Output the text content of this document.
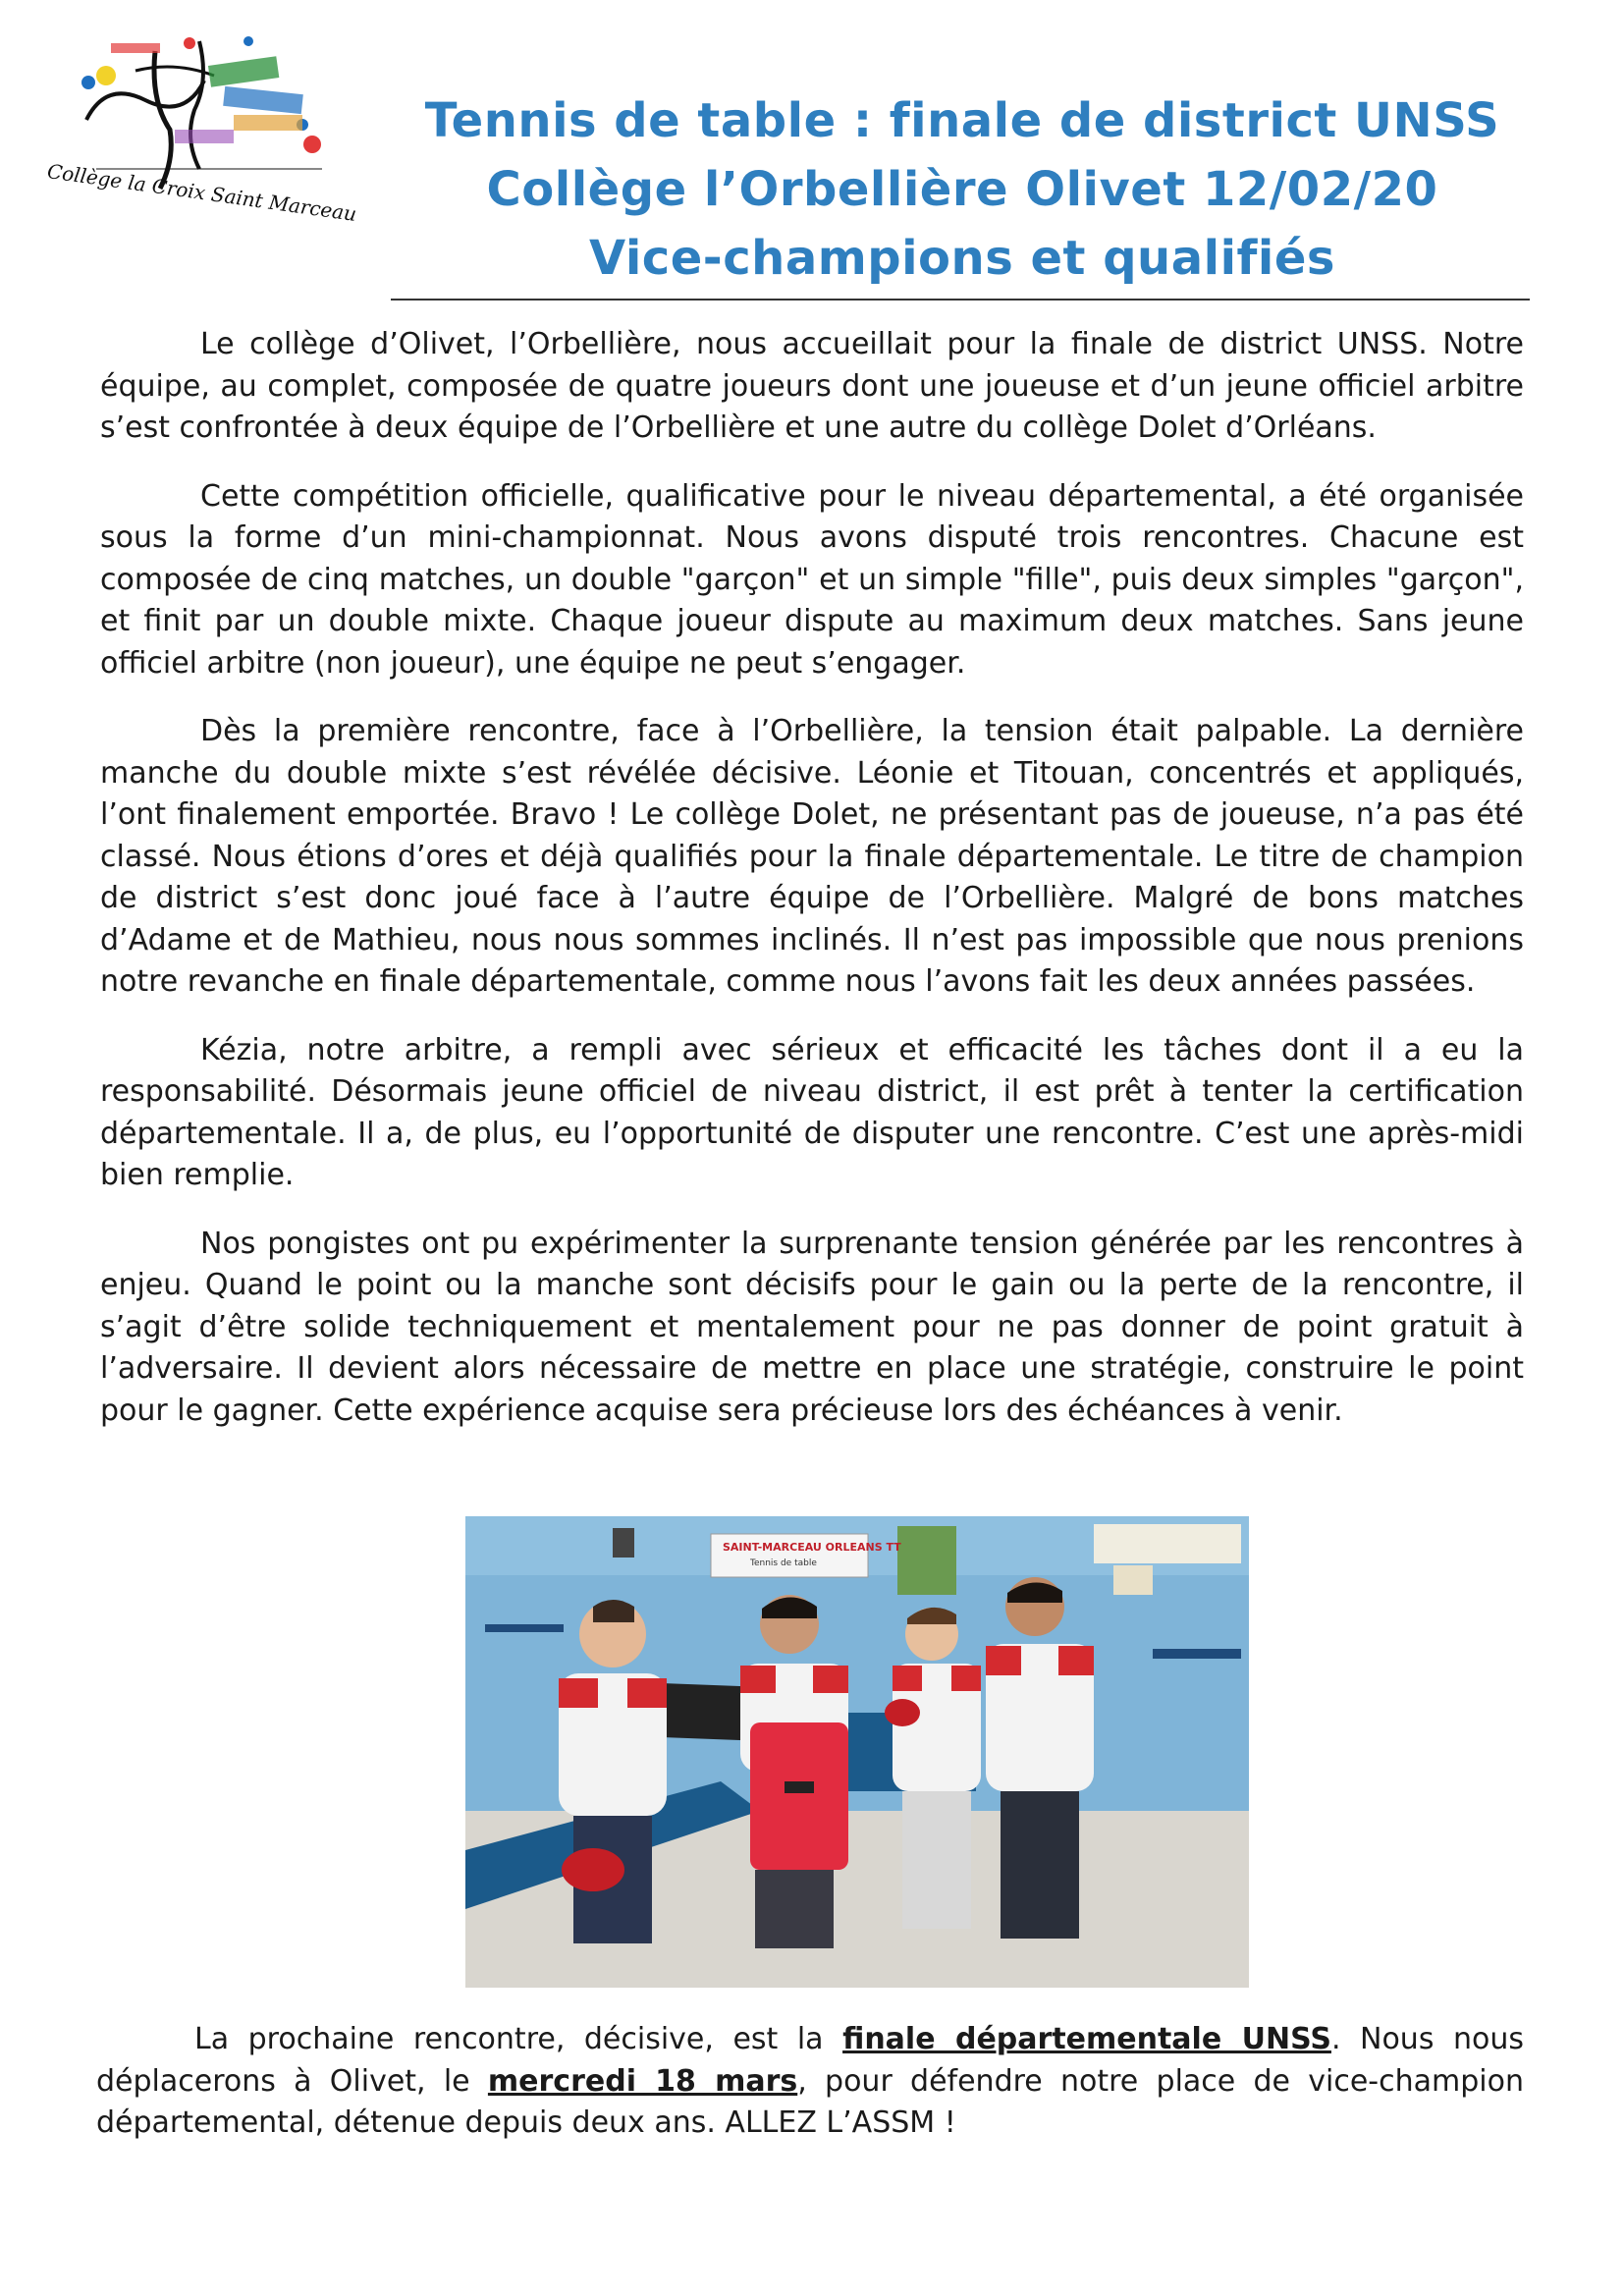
Collège la Croix Saint Marceau
Tennis de table : finale de district UNSS
Collège l’Orbellière Olivet 12/02/20
Vice-champions et qualifiés

Le collège d’Olivet, l’Orbellière, nous accueillait pour la finale de district UNSS. Notre équipe, au complet, composée de quatre joueurs dont une joueuse et d’un jeune officiel arbitre s’est confrontée à deux équipe de l’Orbellière et une autre du collège Dolet d’Orléans.

Cette compétition officielle, qualificative pour le niveau départemental, a été organisée sous la forme d’un mini-championnat. Nous avons disputé trois rencontres. Chacune est composée de cinq matches, un double "garçon" et un simple "fille", puis deux simples "garçon", et finit par un double mixte. Chaque joueur dispute au maximum deux matches. Sans jeune officiel arbitre (non joueur), une équipe ne peut s’engager.

Dès la première rencontre, face à l’Orbellière, la tension était palpable. La dernière manche du double mixte s’est révélée décisive. Léonie et Titouan, concentrés et appliqués, l’ont finalement emportée. Bravo ! Le collège Dolet, ne présentant pas de joueuse, n’a pas été classé. Nous étions d’ores et déjà qualifiés pour la finale départementale. Le titre de champion de district s’est donc joué face à l’autre équipe de l’Orbellière. Malgré de bons matches d’Adame et de Mathieu, nous nous sommes inclinés. Il n’est pas impossible que nous prenions notre revanche en finale départementale, comme nous l’avons fait les deux années passées.

Kézia, notre arbitre, a rempli avec sérieux et efficacité les tâches dont il a eu la responsabilité. Désormais jeune officiel de niveau district, il est prêt à tenter la certification départementale. Il a, de plus, eu l’opportunité de disputer une rencontre. C’est une après-midi bien remplie.

Nos pongistes ont pu expérimenter la surprenante tension générée par les rencontres à enjeu. Quand le point ou la manche sont décisifs pour le gain ou la perte de la rencontre, il s’agit d’être solide techniquement et mentalement pour ne pas donner de point gratuit à l’adversaire. Il devient alors nécessaire de mettre en place une stratégie, construire le point pour le gagner. Cette expérience acquise sera précieuse lors des échéances à venir.

SAINT-MARCEAU ORLEANS TT
Tennis de table

La prochaine rencontre, décisive, est la finale départementale UNSS. Nous nous déplacerons à Olivet, le mercredi 18 mars, pour défendre notre place de vice-champion départemental, détenue depuis deux ans. ALLEZ L’ASSM !
